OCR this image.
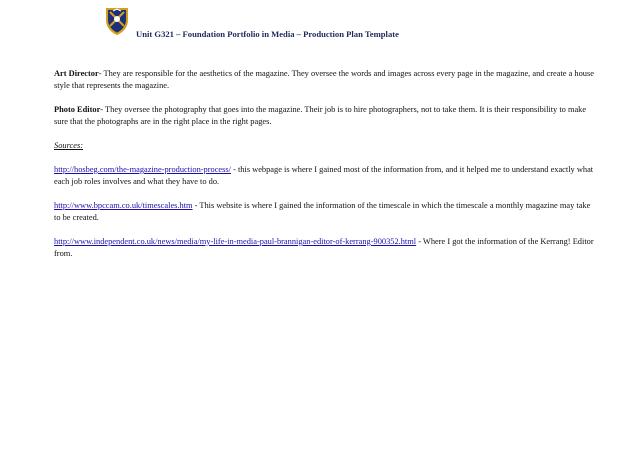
Unit G321 – Foundation Portfolio in Media – Production Plan Template

Art Director- They are responsible for the aesthetics of the magazine. They oversee the words and images across every page in the magazine, and create a house style that represents the magazine.

Photo Editor- They oversee the photography that goes into the magazine. Their job is to hire photographers, not to take them. It is their responsibility to make sure that the photographs are in the right place in the right pages.

Sources:

http://hosbeg.com/the-magazine-production-process/ - this webpage is where I gained most of the information from, and it helped me to understand exactly what each job roles involves and what they have to do.

http://www.bpccam.co.uk/timescales.htm - This website is where I gained the information of the timescale in which the timescale a monthly magazine may take to be created.

http://www.independent.co.uk/news/media/my-life-in-media-paul-brannigan-editor-of-kerrang-900352.html - Where I got the information of the Kerrang! Editor from.
